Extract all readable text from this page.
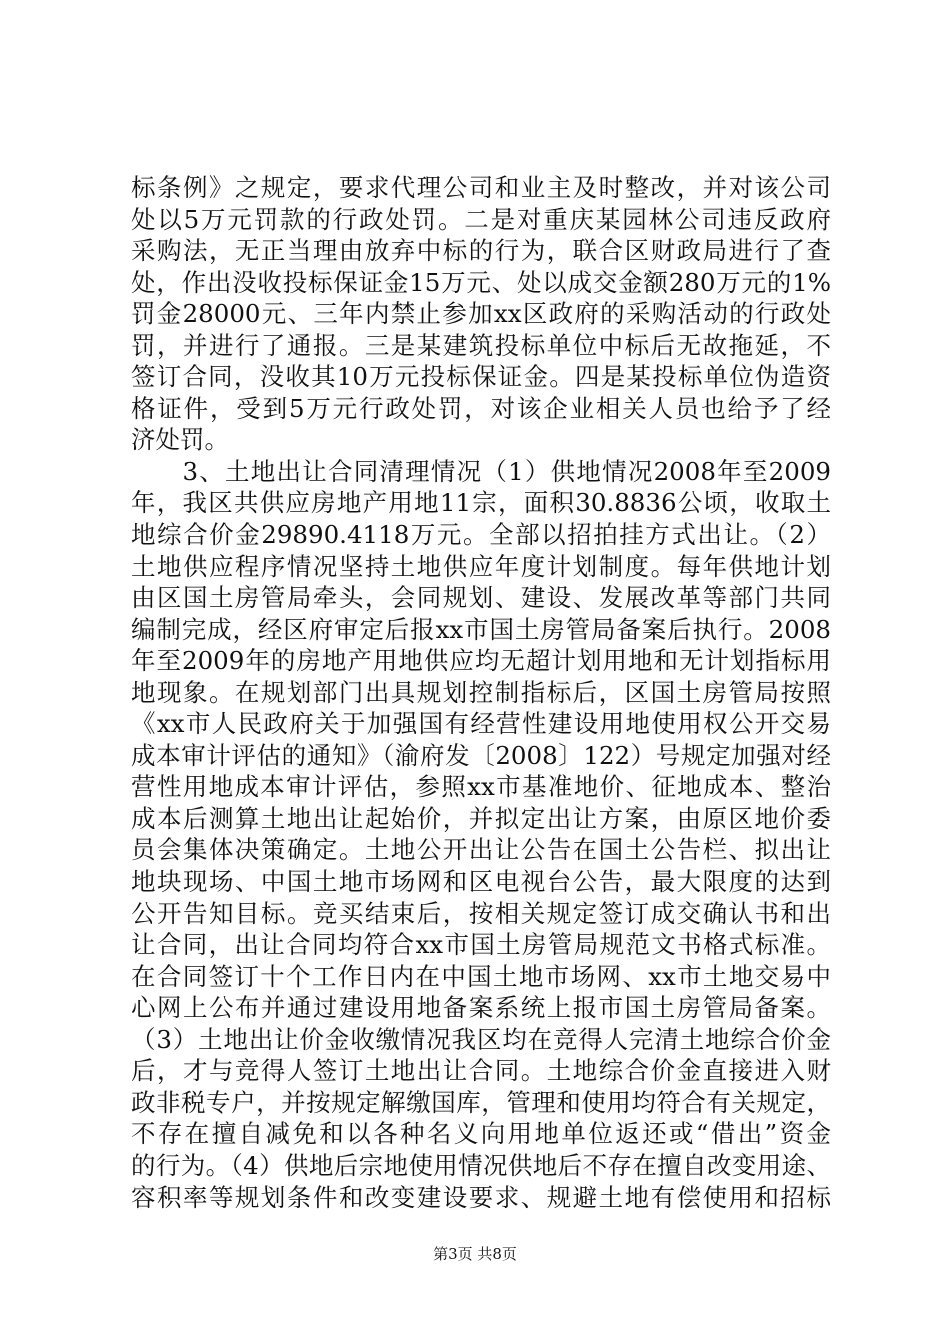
标条例》之规定，要求代理公司和业主及时整改，并对该公司
处以5万元罚款的行政处罚。二是对重庆某园林公司违反政府
采购法，无正当理由放弃中标的行为，联合区财政局进行了查
处，作出没收投标保证金15万元、处以成交金额280万元的1%
罚金28000元、三年内禁止参加xx区政府的采购活动的行政处
罚，并进行了通报。三是某建筑投标单位中标后无故拖延，不
签订合同，没收其10万元投标保证金。四是某投标单位伪造资
格证件，受到5万元行政处罚，对该企业相关人员也给予了经
济处罚。
　　3、土地出让合同清理情况（1）供地情况2008年至2009
年，我区共供应房地产用地11宗，面积30.8836公顷，收取土
地综合价金29890.4118万元。全部以招拍挂方式出让。（2）
土地供应程序情况坚持土地供应年度计划制度。每年供地计划
由区国土房管局牵头，会同规划、建设、发展改革等部门共同
编制完成，经区府审定后报xx市国土房管局备案后执行。2008
年至2009年的房地产用地供应均无超计划用地和无计划指标用
地现象。在规划部门出具规划控制指标后，区国土房管局按照
《xx市人民政府关于加强国有经营性建设用地使用权公开交易
成本审计评估的通知》（渝府发〔2008〕122）号规定加强对经
营性用地成本审计评估，参照xx市基准地价、征地成本、整治
成本后测算土地出让起始价，并拟定出让方案，由原区地价委
员会集体决策确定。土地公开出让公告在国土公告栏、拟出让
地块现场、中国土地市场网和区电视台公告，最大限度的达到
公开告知目标。竞买结束后，按相关规定签订成交确认书和出
让合同，出让合同均符合xx市国土房管局规范文书格式标准。
在合同签订十个工作日内在中国土地市场网、xx市土地交易中
心网上公布并通过建设用地备案系统上报市国土房管局备案。
（3）土地出让价金收缴情况我区均在竞得人完清土地综合价金
后，才与竞得人签订土地出让合同。土地综合价金直接进入财
政非税专户，并按规定解缴国库，管理和使用均符合有关规定，
不存在擅自减免和以各种名义向用地单位返还或“借出”资金
的行为。（4）供地后宗地使用情况供地后不存在擅自改变用途、
容积率等规划条件和改变建设要求、规避土地有偿使用和招标
第3页 共8页
